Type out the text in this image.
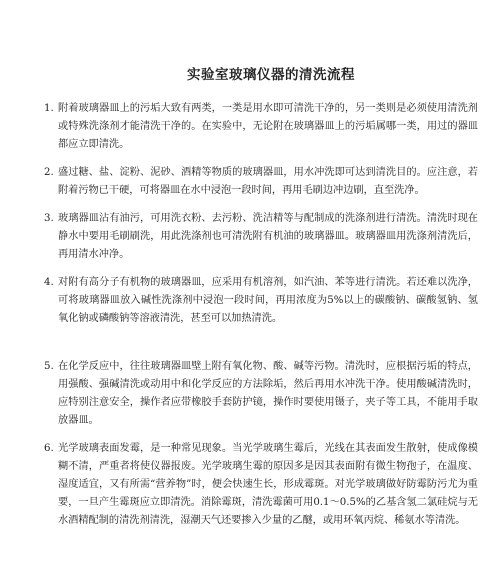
实验室玻璃仪器的清洗流程
1. 附着玻璃器皿上的污垢大致有两类，一类是用水即可清洗干净的，另一类则是必须使用清洗剂或特殊洗涤剂才能清洗干净的。在实验中，无论附在玻璃器皿上的污垢属哪一类，用过的器皿都应立即清洗。
2. 盛过糖、盐、淀粉、泥砂、酒精等物质的玻璃器皿，用水冲洗即可达到清洗目的。应注意，若附着污物已干硬，可将器皿在水中浸泡一段时间，再用毛刷边冲边刷，直至洗净。
3. 玻璃器皿沾有油污，可用洗衣粉、去污粉、洗洁精等与配制成的洗涤剂进行清洗。清洗时现在静水中要用毛刷刷洗，用此洗涤剂也可清洗附有机油的玻璃器皿。玻璃器皿用洗涤剂清洗后，再用清水冲净。
4. 对附有高分子有机物的玻璃器皿，应采用有机溶剂，如汽油、苯等进行清洗。若还难以洗净，可将玻璃器皿放入碱性洗涤剂中浸泡一段时间，再用浓度为5%以上的碳酸钠、碳酸氢钠、氢氧化钠或磷酸钠等溶液清洗，甚至可以加热清洗。
5. 在化学反应中，往往玻璃器皿壁上附有氧化物、酸、碱等污物。清洗时，应根据污垢的特点，用强酸、强碱清洗或动用中和化学反应的方法除垢，然后再用水冲洗干净。使用酸碱清洗时，应特别注意安全，操作者应带橡胶手套防护镜，操作时要使用镊子，夹子等工具，不能用手取放器皿。
6. 光学玻璃表面发霉，是一种常见现象。当光学玻璃生霉后，光线在其表面发生散射，使成像模糊不清，严重者将使仪器报废。光学玻璃生霉的原因多是因其表面附有微生物孢子，在温度、湿度适宜，又有所需“营养物”时，便会快速生长，形成霉斑。对光学玻璃做好防霉防污尤为重要，一旦产生霉斑应立即清洗。消除霉斑，清洗霉菌可用0.1～0.5%的乙基含氢二氯硅烷与无水酒精配制的清洗剂清洗，湿潮天气还要掺入少量的乙醚，或用环氧丙烷、稀氨水等清洗。
